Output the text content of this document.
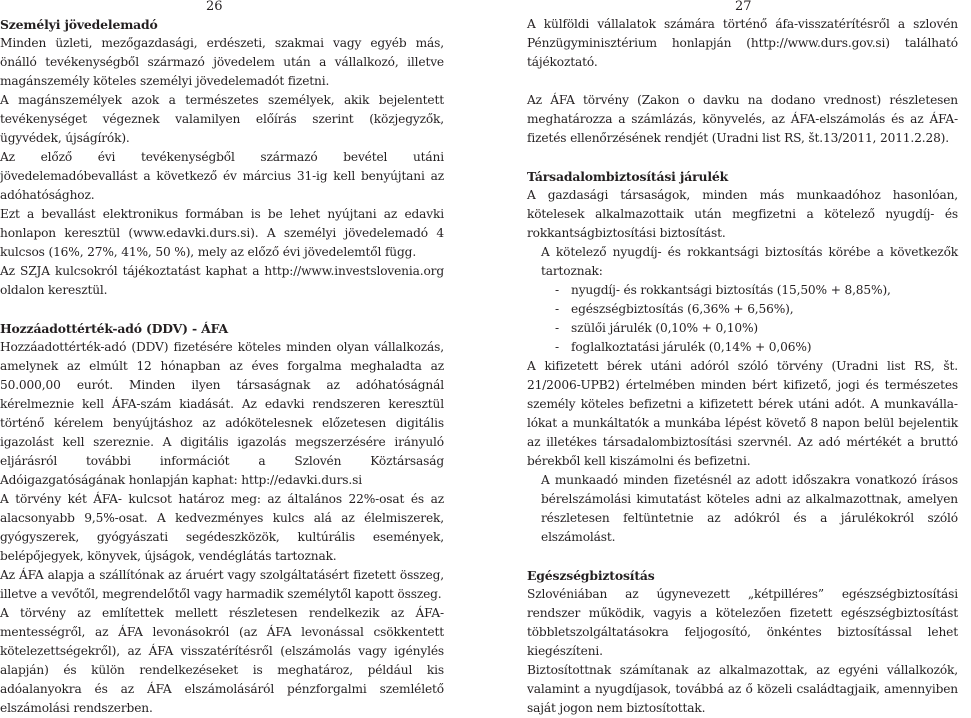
26
Személyi jövedelemadó

Minden üzleti, mezőgazdasági, erdészeti, szakmai vagy egyéb más, önálló tevékenységből származó jövedelem után a vállalkozó, illetve magánszemély köteles személyi jövedelemadót fizetni.

A magánszemélyek azok a természetes személyek, akik bejelentett tevékenységet végeznek valamilyen előírás szerint (közjegyzők, ügyvédek, újságírók).

Az előző évi tevékenységből származó bevétel utáni jövedelemadóbevallást a következő év március 31-ig kell benyújtani az adóhatósághoz.

Ezt a bevallást elektronikus formában is be lehet nyújtani az edavki honlapon keresztül (www.edavki.durs.si). A személyi jövedelemadó 4 kulcsos (16%, 27%, 41%, 50 %), mely az előző évi jövedelemtől függ.

Az SZJA kulcsokról tájékoztatást kaphat a http://www.investslovenia.org oldalon keresztül.

Hozzáadottérték-adó (DDV) - ÁFA

Hozzáadottérték-adó (DDV) fizetésére köteles minden olyan vállalkozás, amelynek az elmúlt 12 hónapban az éves forgalma meghaladta az 50.000,00 eurót. Minden ilyen társaságnak az adóhatóságnál kérelmeznie kell ÁFA-szám kiadását. Az edavki rendszeren keresztül történő kérelem benyújtáshoz az adókötelesnek előzetesen digitális igazolást kell szereznie. A digitális igazolás megszerzésére irányuló eljárásról további információt a Szlovén Köztársaság Adóigazgatóságának honlapján kaphat: http://edavki.durs.si

A törvény két ÁFA- kulcsot határoz meg: az általános 22%-osat és az alacsonyabb 9,5%-osat. A kedvezményes kulcs alá az élelmiszerek, gyógyszerek, gyógyászati segédeszközök, kultúrális események, belépőjegyek, könyvek, újságok, vendéglátás tartoznak.

Az ÁFA alapja a szállítónak az áruért vagy szolgáltatásért fizetett összeg, illetve a vevőtől, megrendelőtől vagy harmadik személytől kapott összeg.

A törvény az említettek mellett részletesen rendelkezik az ÁFA-mentességről, az ÁFA levonásokról (az ÁFA levonással csökkentett kötelezettségekről), az ÁFA visszatérítésről (elszámolás vagy igénylés alapján) és külön rendelkezéseket is meghatároz, például kis adóalanyokra és az ÁFA elszámolásáról pénzforgalmi szemlélető elszámolási rendszerben.

27

A külföldi vállalatok számára történő áfa-visszatérítésről a szlovén Pénzügyminisztérium honlapján (http://www.durs.gov.si) található tájékoztató.

Az ÁFA törvény (Zakon o davku na dodano vrednost) részletesen meghatározza a számlázás, könyvelés, az ÁFA-elszámolás és az ÁFA-fizetés ellenőrzésének rendjét (Uradni list RS, št.13/2011, 2011.2.28).

Társadalombiztosítási járulék

A gazdasági társaságok, minden más munkaadóhoz hasonlóan, kötelesek alkalmazottaik után megfizetni a kötelező nyugdíj- és rokkantságbiztosítási biztosítást.

A kötelező nyugdíj- és rokkantsági biztosítás körébe a következők tartoznak:

- nyugdíj- és rokkantsági biztosítás (15,50% + 8,85%),
- egészségbiztosítás (6,36% + 6,56%),
- szülői járulék (0,10% + 0,10%)
- foglalkoztatási járulék (0,14% + 0,06%)

A kifizetett bérek utáni adóról szóló törvény (Uradni list RS, št. 21/2006-UPB2) értelmében minden bért kifizető, jogi és természetes személy köteles befizetni a kifizetett bérek utáni adót. A munkavállalókat a munkáltatók a munkába lépést követő 8 napon belül bejelentik az illetékes társadalombiztosítási szervnél. Az adó mértékét a bruttó bérekből kell kiszámolni és befizetni.

A munkaadó minden fizetésnél az adott időszakra vonatkozó írásos bérelszámolási kimutatást köteles adni az alkalmazottnak, amelyen részletesen feltüntetnie az adókról és a járulékokról szóló elszámolást.

Egészségbiztosítás

Szlovéniában az úgynevezett „kétpilléres” egészségbiztosítási rendszer működik, vagyis a kötelezően fizetett egészségbiztosítást többletszolgáltatásokra feljogosító, önkéntes biztosítással lehet kiegészíteni.

Biztosítottnak számítanak az alkalmazottak, az egyéni vállalkozók, valamint a nyugdíjasok, továbbá az ő közeli családtagjaik, amennyiben saját jogon nem biztosítottak.
